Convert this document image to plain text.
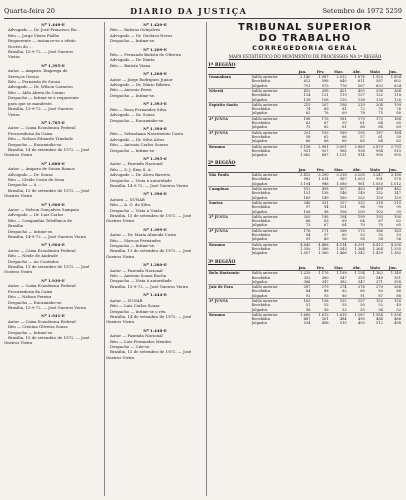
Quarta-feira 20	DIARIO DA JUSTIÇA	Setembro de 1972 5259
Nº 1.448-E

Advogado — Dr. José Francisco Bo...

Réu — Jorge Vieira Fialho

Requerente — instance-se o efeito

Nocivo do ...

Brasília, 15-9-72. — José Gueiros

Vieira

Nº 1.395-E

Autor — Amparo. Emprega de

Serviços Gerais

Réu — Fernando de Souza

Advogado — Dr. Wilson Carneiro

Réu — Alda Abreu do Carmo

Despacho — Intime-se a requerente

para que se manifeste.

Brasília, 13-9-72. — José Gueiros

Vieira

Nº 1.785-E

Autor — Caixa Econômica Federal

Procuradoria da Caixa

Réu — Nelson Eduardo Trindade

Despacho — Encaminhe-se.

Brasília, 14 de setembro de 1972. — José Gueiros Vieira

Nº 1.888-E

Autor — Amparo de Souza Ramos

Advogado — Dr. Souza

Réu — Cleide Costa de Sena

Despacho — A ...

Brasília, 15 de setembro de 1972. — José Gueiros Vieira

Nº 1.900-E

Autor — Nelson Gonçalves Sampaio

Advogado — Dr. Luiz Carlos

Réu — Companhia Telefônica de

Brasília

Despacho — Intime-se.

Brasília, 14-9-72. — José Gueiros Vieira

Nº 1.904-E

Autor — Caixa Econômica Federal

Réu — Neide de Andrade

Despacho — Ao Contador.

Brasília, 15 de setembro de 1972. — José Gueiros Vieira

Nº 1.930-E

Autor — Caixa Econômica Federal

Procuradoria da Caixa

Réu — Nelson Pereira

Despacho — Encaminhe-se.

Brasília, 13-9-72. — José Gueiros Vieira

Nº 1.941-E

Autor — Caixa Econômica Federal

Réu — Cristina Oliveira Sousa

Despacho — Intime-se.

Brasília, 15 de setembro de 1972. — José Gueiros Vieira

Nº 1.420-E

Réu — Rubens Gonçalves

Advogado — Dr. Gustavo Neves

Despacho — Intime-se.

Nº 1.209-E

Réu — Fernando Batista de Oliveira

Advogado — Dr. Maria

Réu — Batista Viana

Nº 1.208-E

Autor — Jorge Rodrigues Junior

Advogado — Dr. Mário Ribeiro

Réu — Antonio Peres

Despacho — Intime-se.

Nº 1.393-E

Réu — Rosa Fernandes Silva

Advogado — Dr. Sousa

Despacho — Encaminhe-se.

Nº 1.394-E

Réu — Sebastiana Nascimento Costa

Advogado — Dr. Silva Alves

Réu — Antonio Carlos Soares

Despacho — Intime-se.

Nº 1.395-E

Autor — Fazenda Nacional

Réu — S. J. Eixo S. A.

Advogado — Dr. Alceu Barreto

Despacho — Vista à autoridade

Brasília, 14-9-72. — José Gueiros Vieira

Nº 1.396-E

Autora — SUNAB

Réu — A. G. da Silva

Despacho — Vista à União.

Brasília, 15 de setembro de 1972. — José Gueiros Vieira

Nº 1.399-E

Autor — Dr. Maria Almeida Costa

Réu — Marcos Fernandes

Despacho — Intime-se.

Brasília, 13 de setembro de 1972. — José Gueiros Vieira

Nº 1.280-E

Autor — Fazenda Nacional

Réu — Antonio Souza Rocha

Despacho — Vista à autoridade

Brasília, 15-9-72. — José Gueiros Vieira

Nº 1.444-E

Autor — SUNAB

Réu — Luiz Carlos Souza

Despacho — Intime-se o réu.

Brasília, 14 de setembro de 1972. — José Gueiros Vieira

Nº 1.448-E

Autor — Fazenda Nacional

Réu — Luiz Fernandes Mendes

Despacho — Cite-se.

Brasília, 15 de setembro de 1972. — José Gueiros Vieira

TRIBUNAL SUPERIOR
DO TRABALHO
CORREGEDORIA GERAL
MAPA ESTATÍSTICO DO MOVIMENTO DE PROCESSOS NA 1ª REGIÃO
1ª REGIÃO
		Jan.	Fev.	Mar.	Abr.	Maio	Jun.
Guanabara	Saldo anterior	2.140	1.987	2.012	1.876	1.920	1.854
	Recebidos	612	598	640	611	587	602
	Julgados	701	573	776	567	653	624
Niterói	Saldo anterior	412	398	421	405	396	388
	Recebidos	124	131	119	127	122	118
	Julgados	138	108	135	136	130	126
Espírito Santo	Saldo anterior	215	207	198	210	204	199
	Recebidos	74	69	81	72	70	76
	Julgados	82	78	69	78	75	80
2ª JUNTA	Saldo anterior	188	176	181	179	172	168
	Recebidos	63	67	59	61	64	60
	Julgados	75	62	61	68	68	63
3ª JUNTA	Saldo anterior	201	193	189	195	187	184
	Recebidos	58	62	66	57	61	59
	Julgados	66	66	60	65	64	62
Resumo	Saldo anterior	3.156	2.961	3.001	2.865	2.879	2.793
	Recebidos	931	927	965	928	904	915
	Julgados	1.062	887	1.101	914	990	955
2ª REGIÃO
		Jan.	Fev.	Mar.	Abr.	Maio	Jun.
São Paulo	Saldo anterior	3.412	3.290	3.318	3.205	3.247	3.188
	Recebidos	982	1.014	967	1.003	991	978
	Julgados	1.104	986	1.080	961	1.050	1.012
Campinas	Saldo anterior	512	498	507	493	489	482
	Recebidos	151	158	146	149	152	147
	Julgados	165	149	160	153	159	150
Santos	Saldo anterior	340	331	327	322	318	315
	Recebidos	97	94	101	96	99	95
	Julgados	106	98	106	100	102	99
2ª JUNTA	Saldo anterior	205	198	194	199	193	190
	Recebidos	66	63	69	64	67	62
	Julgados	73	67	64	70	70	65
3ª JUNTA	Saldo anterior	176	171	168	172	166	163
	Recebidos	54	57	60	52	55	53
	Julgados	59	60	56	58	58	56
Resumo	Saldo anterior	4.645	4.488	4.514	4.391	4.413	4.338
	Recebidos	1.350	1.386	1.343	1.364	1.364	1.335
	Julgados	1.507	1.360	1.466	1.342	1.439	1.382
3ª REGIÃO
		Jan.	Fev.	Mar.	Abr.	Maio	Jun.
Belo Horizonte	Saldo anterior	1.210	1.176	1.189	1.154	1.162	1.140
	Recebidos	352	360	347	355	349	351
	Julgados	386	347	382	347	371	358
Juiz de Fora	Saldo anterior	287	279	274	276	270	266
	Recebidos	84	88	82	85	83	86
	Julgados	92	93	80	91	87	88
2ª JUNTA	Saldo anterior	163	158	155	157	152	150
	Recebidos	51	53	55	50	52	49
	Julgados	56	56	53	55	54	52
Resumo	Saldo anterior	1.660	1.613	1.618	1.587	1.584	1.556
	Recebidos	487	501	484	490	484	486
	Julgados	534	496	515	493	512	498
